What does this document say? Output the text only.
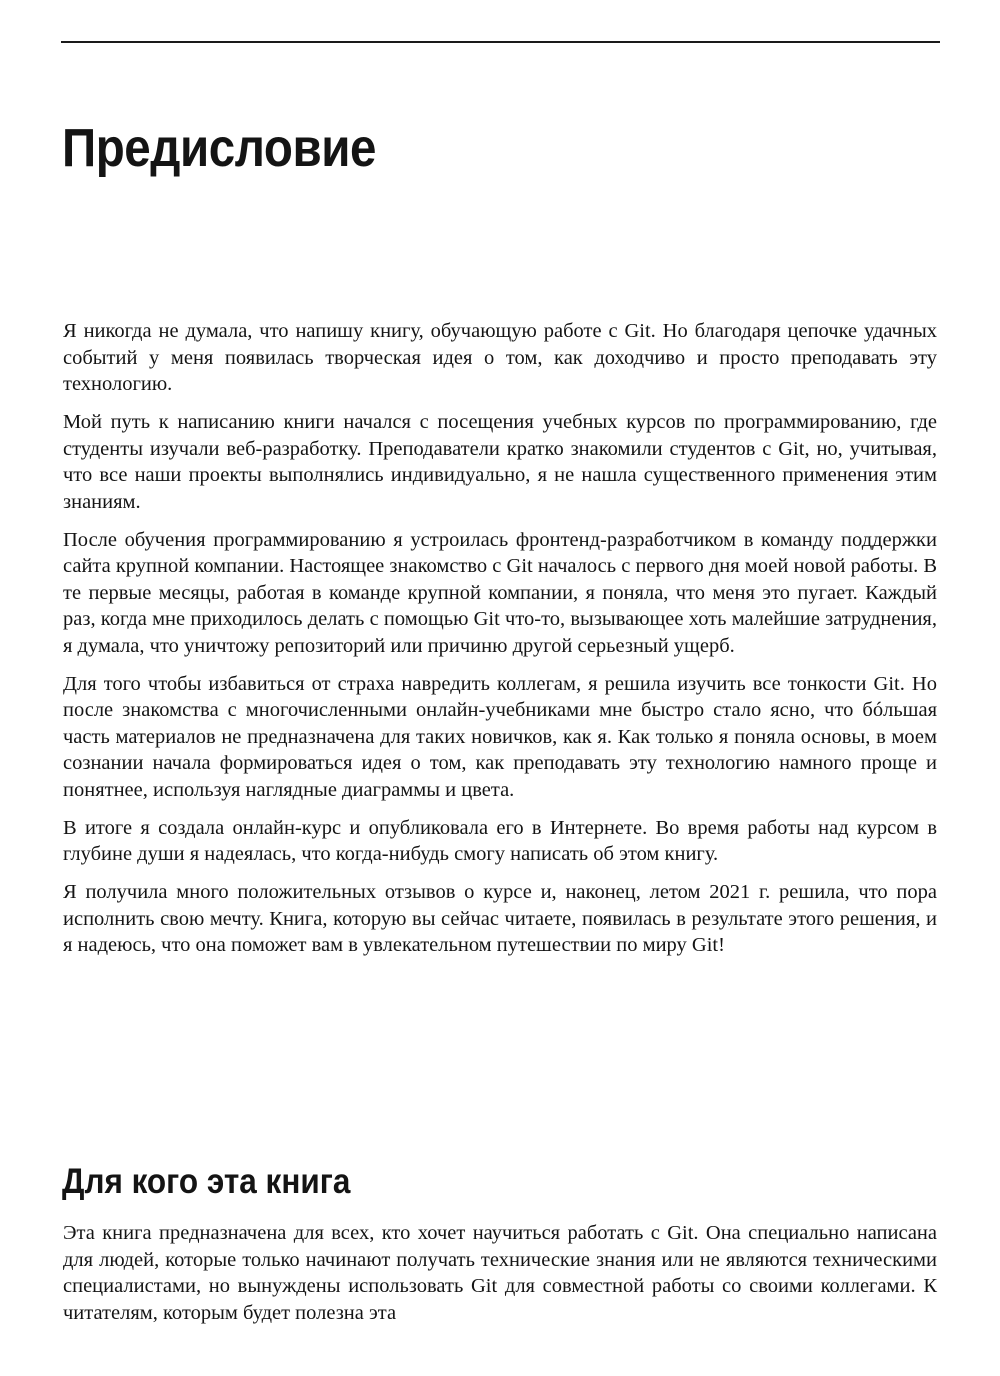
Предисловие

Я никогда не думала, что напишу книгу, обучающую работе с Git. Но благодаря цепочке удачных событий у меня появилась творческая идея о том, как доходчиво и просто преподавать эту технологию.

Мой путь к написанию книги начался с посещения учебных курсов по программированию, где студенты изучали веб-разработку. Преподаватели кратко знакомили студентов с Git, но, учитывая, что все наши проекты выполнялись индивидуально, я не нашла существенного применения этим знаниям.

После обучения программированию я устроилась фронтенд-разработчиком в команду поддержки сайта крупной компании. Настоящее знакомство с Git началось с первого дня моей новой работы. В те первые месяцы, работая в команде крупной компании, я поняла, что меня это пугает. Каждый раз, когда мне приходилось делать с помощью Git что-то, вызывающее хоть малейшие затруднения, я думала, что уничтожу репозиторий или причиню другой серьезный ущерб.

Для того чтобы избавиться от страха навредить коллегам, я решила изучить все тонкости Git. Но после знакомства с многочисленными онлайн-учебниками мне быстро стало ясно, что бóльшая часть материалов не предназначена для таких новичков, как я. Как только я поняла основы, в моем сознании начала формироваться идея о том, как преподавать эту технологию намного проще и понятнее, используя наглядные диаграммы и цвета.

В итоге я создала онлайн-курс и опубликовала его в Интернете. Во время работы над курсом в глубине души я надеялась, что когда-нибудь смогу написать об этом книгу.

Я получила много положительных отзывов о курсе и, наконец, летом 2021 г. решила, что пора исполнить свою мечту. Книга, которую вы сейчас читаете, появилась в результате этого решения, и я надеюсь, что она поможет вам в увлекательном путешествии по миру Git!

Для кого эта книга

Эта книга предназначена для всех, кто хочет научиться работать с Git. Она специально написана для людей, которые только начинают получать технические знания или не являются техническими специалистами, но вынуждены использовать Git для совместной работы со своими коллегами. К читателям, которым будет полезна эта
